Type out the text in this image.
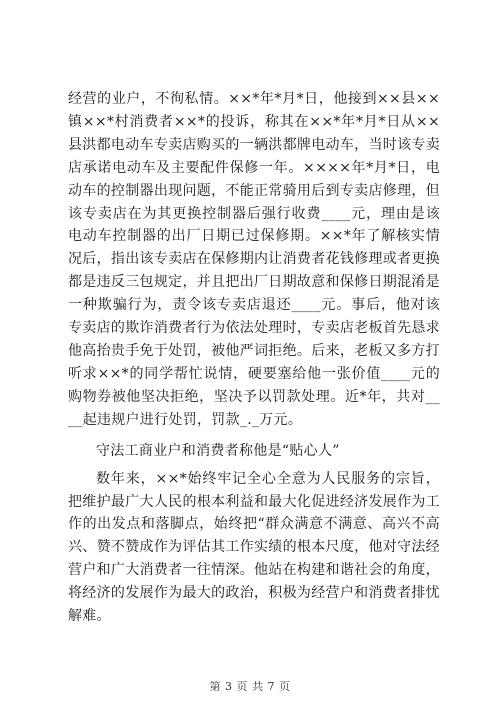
经营的业户，不徇私情。××*年*月*日，他接到××县××镇××*村消费者××*的投诉，称其在××*年*月*日从××县洪都电动车专卖店购买的一辆洪都牌电动车，当时该专卖店承诺电动车及主要配件保修一年。××××年*月*日，电动车的控制器出现问题，不能正常骑用后到专卖店修理，但该专卖店在为其更换控制器后强行收费____元，理由是该电动车控制器的出厂日期已过保修期。××*年了解核实情况后，指出该专卖店在保修期内让消费者花钱修理或者更换都是违反三包规定，并且把出厂日期故意和保修日期混淆是一种欺骗行为，责令该专卖店退还____元。事后，他对该专卖店的欺诈消费者行为依法处理时，专卖店老板首先恳求他高抬贵手免于处罚，被他严词拒绝。后来，老板又多方打听求××*的同学帮忙说情，硬要塞给他一张价值____元的购物券被他坚决拒绝，坚决予以罚款处理。近*年，共对____起违规户进行处罚，罚款_._万元。

守法工商业户和消费者称他是“贴心人”

数年来，××*始终牢记全心全意为人民服务的宗旨，把维护最广大人民的根本利益和最大化促进经济发展作为工作的出发点和落脚点，始终把“群众满意不满意、高兴不高兴、赞不赞成作为评估其工作实绩的根本尺度，他对守法经营户和广大消费者一往情深。他站在构建和谐社会的角度，将经济的发展作为最大的政治，积极为经营户和消费者排忧解难。

第 3 页 共 7 页
